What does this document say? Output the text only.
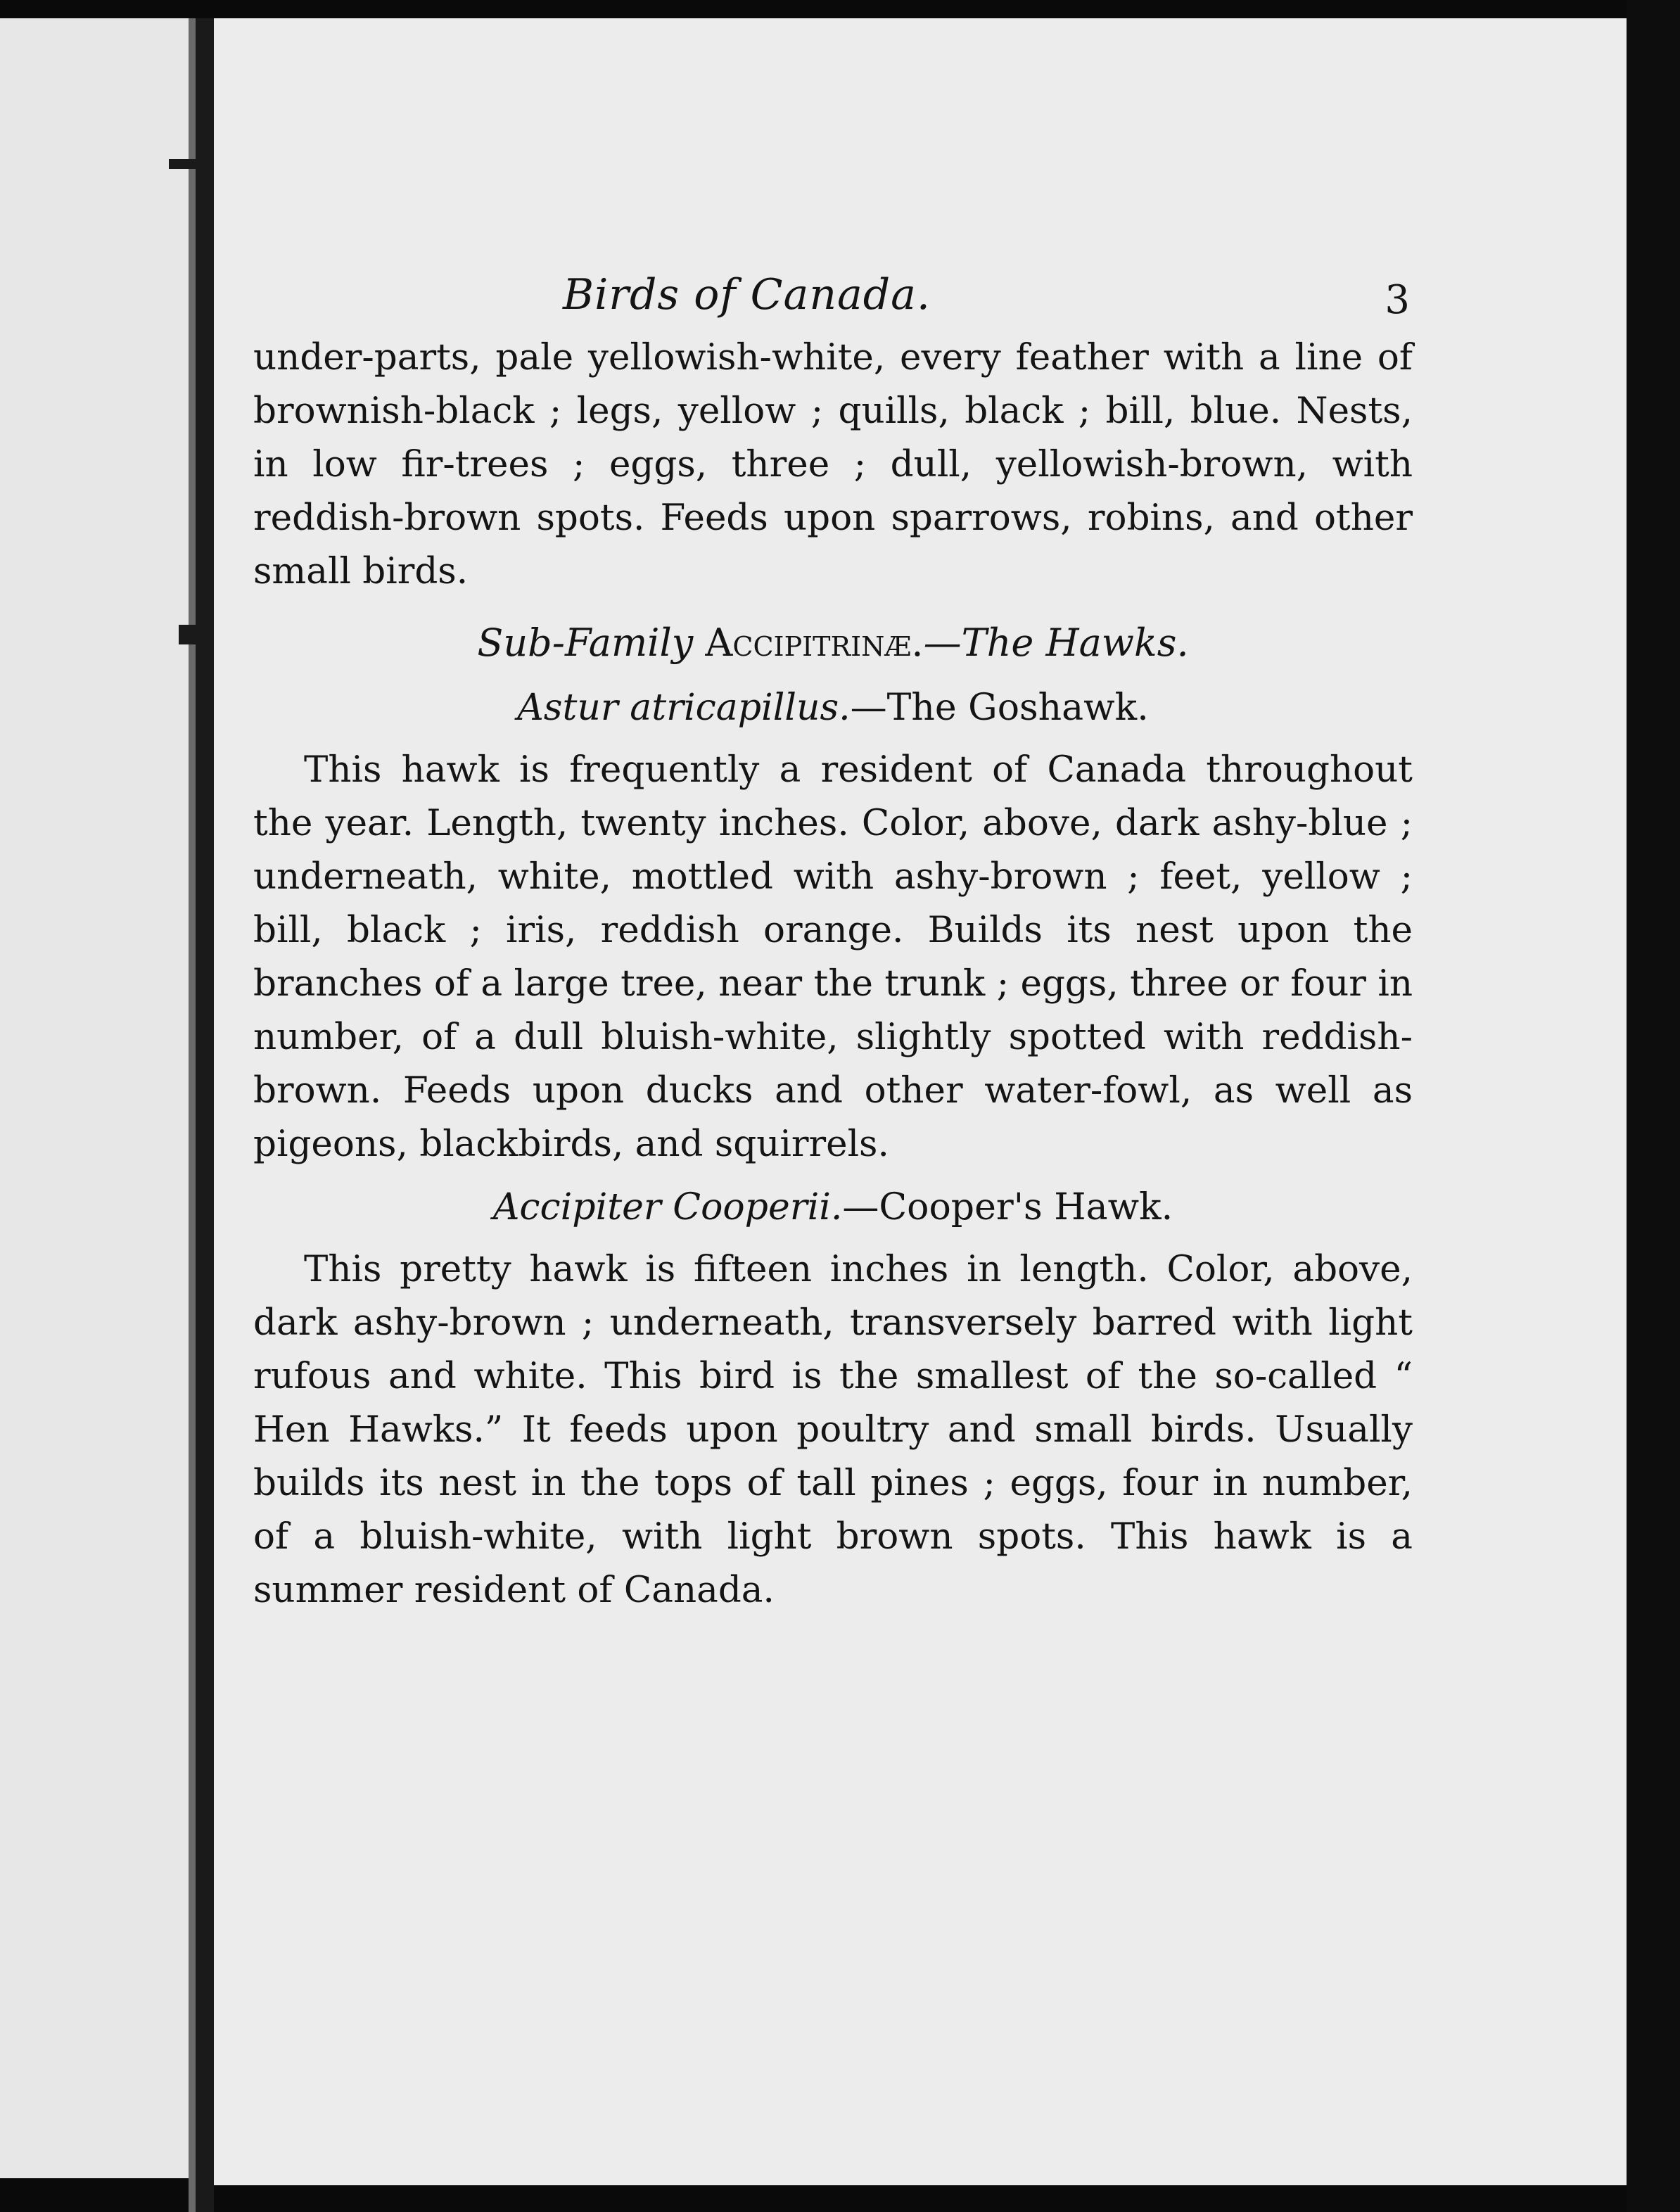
Birds of Canada.	3

under-parts, pale yellowish-white, every feather with a line of brownish-black ; legs, yellow ; quills, black ; bill, blue. Nests, in low fir-trees ; eggs, three ; dull, yellowish-brown, with reddish-brown spots. Feeds upon sparrows, robins, and other small birds.

Sub-Family Accipitrinæ.—The Hawks.
Astur atricapillus.—The Goshawk.

This hawk is frequently a resident of Canada throughout the year. Length, twenty inches. Color, above, dark ashy-blue ; underneath, white, mottled with ashy-brown ; feet, yellow ; bill, black ; iris, reddish orange. Builds its nest upon the branches of a large tree, near the trunk ; eggs, three or four in number, of a dull bluish-white, slightly spotted with reddish-brown. Feeds upon ducks and other water-fowl, as well as pigeons, blackbirds, and squirrels.

Accipiter Cooperii.—Cooper's Hawk.

This pretty hawk is fifteen inches in length. Color, above, dark ashy-brown ; underneath, transversely barred with light rufous and white. This bird is the smallest of the so-called “ Hen Hawks.” It feeds upon poultry and small birds. Usually builds its nest in the tops of tall pines ; eggs, four in number, of a bluish-white, with light brown spots. This hawk is a summer resident of Canada.
